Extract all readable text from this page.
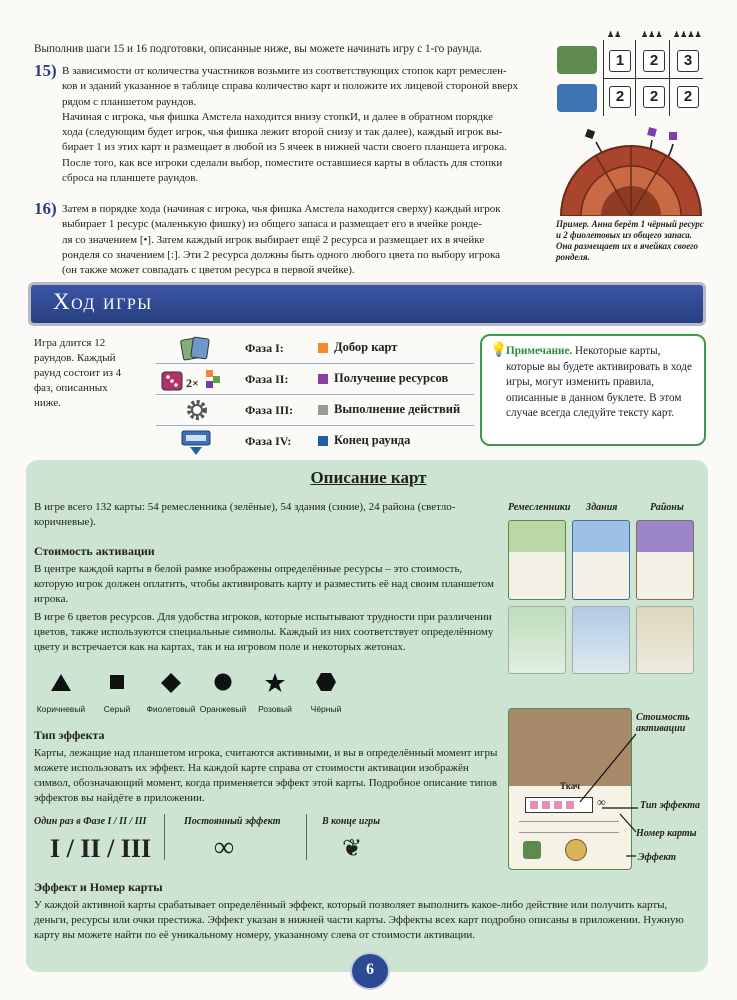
Выполнив шаги 15 и 16 подготовки, описанные ниже, вы можете начинать игру с 1-го раунда.

15) В зависимости от количества участников возьмите из соответствующих стопок карт ремеслен-
ков и зданий указанное в таблице справа количество карт и положите их лицевой стороной вверх
рядом с планшетом раундов.
Начиная с игрока, чья фишка Амстела находится внизу стопкИ, и далее в обратном порядке
хода (следующим будет игрок, чья фишка лежит второй снизу и так далее), каждый игрок вы-
бирает 1 из этих карт и размещает в любой из 5 ячеек в нижней части своего планшета игрока.
После того, как все игроки сделали выбор, поместите оставшиеся карты в область для стопки
сброса на планшете раундов.
16) Затем в порядке хода (начиная с игрока, чья фишка Амстела находится сверху) каждый игрок
выбирает 1 ресурс (маленькую фишку) из общего запаса и размещает его в ячейке ронде-
ля со значением [•]. Затем каждый игрок выбирает ещё 2 ресурса и размещает их в ячейке
ронделя со значением [:]. Эти 2 ресурса должны быть одного любого цвета по выбору игрока
(он также может совпадать с цветом ресурса в первой ячейке).
♟♟ ♟♟♟ ♟♟♟♟
1	2	3
2	2	2
Пример. Анна берёт 1 чёрный ресурс и 2 фиолетовых из общего запаса. Она размещает их в ячейках своего ронделя.
Ход игры
Игра длится 12 раундов. Каждый раунд состоит из 4 фаз, описанных ниже.
Фаза I:	Добор карт
2×	Фаза II:	Получение ресурсов
Фаза III:	Выполнение действий
Фаза IV:	Конец раунда
💡
Примечание. Некоторые карты, которые вы будете активировать в ходе игры, могут изменить правила, описанные в данном буклете. В этом случае всегда следуйте тексту карт.
Описание карт
В игре всего 132 карты: 54 ремесленника (зелёные), 54 здания (синие), 24 района (светло-коричневые).
Стоимость активации
В центре каждой карты в белой рамке изображены определённые ресурсы – это стоимость, которую игрок должен оплатить, чтобы активировать карту и разместить её над своим планшетом игрока.
В игре 6 цветов ресурсов. Для удобства игроков, которые испытывают трудности при различении цветов, также используются специальные символы. Каждый из них соответствует определённому цвету и встречается как на картах, так и на игровом поле и некоторых жетонах.
Коричневый	Серый	Фиолетовый Оранжевый	Розовый	Чёрный
Тип эффекта
Карты, лежащие над планшетом игрока, считаются активными, и вы в определённый момент игры можете использовать их эффект. На каждой карте справа от стоимости активации изображён символ, обозначающий момент, когда применяется эффект этой карты. Подробное описание типов эффектов вы найдёте в приложении.
Один раз в Фазе I / II / III	Постоянный эффект	В конце игры
I / II / III ∞	❦
Эффект и Номер карты
У каждой активной карты срабатывает определённый эффект, который позволяет выполнить какое-либо действие или получить карты, деньги, ресурсы или очки престижа. Эффект указан в нижней части карты. Эффекты всех карт подробно описаны в приложении. Нужную карту вы можете найти по её уникальному номеру, указанному слева от стоимости активации.
Ремесленники Здания	Районы
Ткач
∞
Стоимость активации
Тип эффекта
Номер карты
Эффект
6
